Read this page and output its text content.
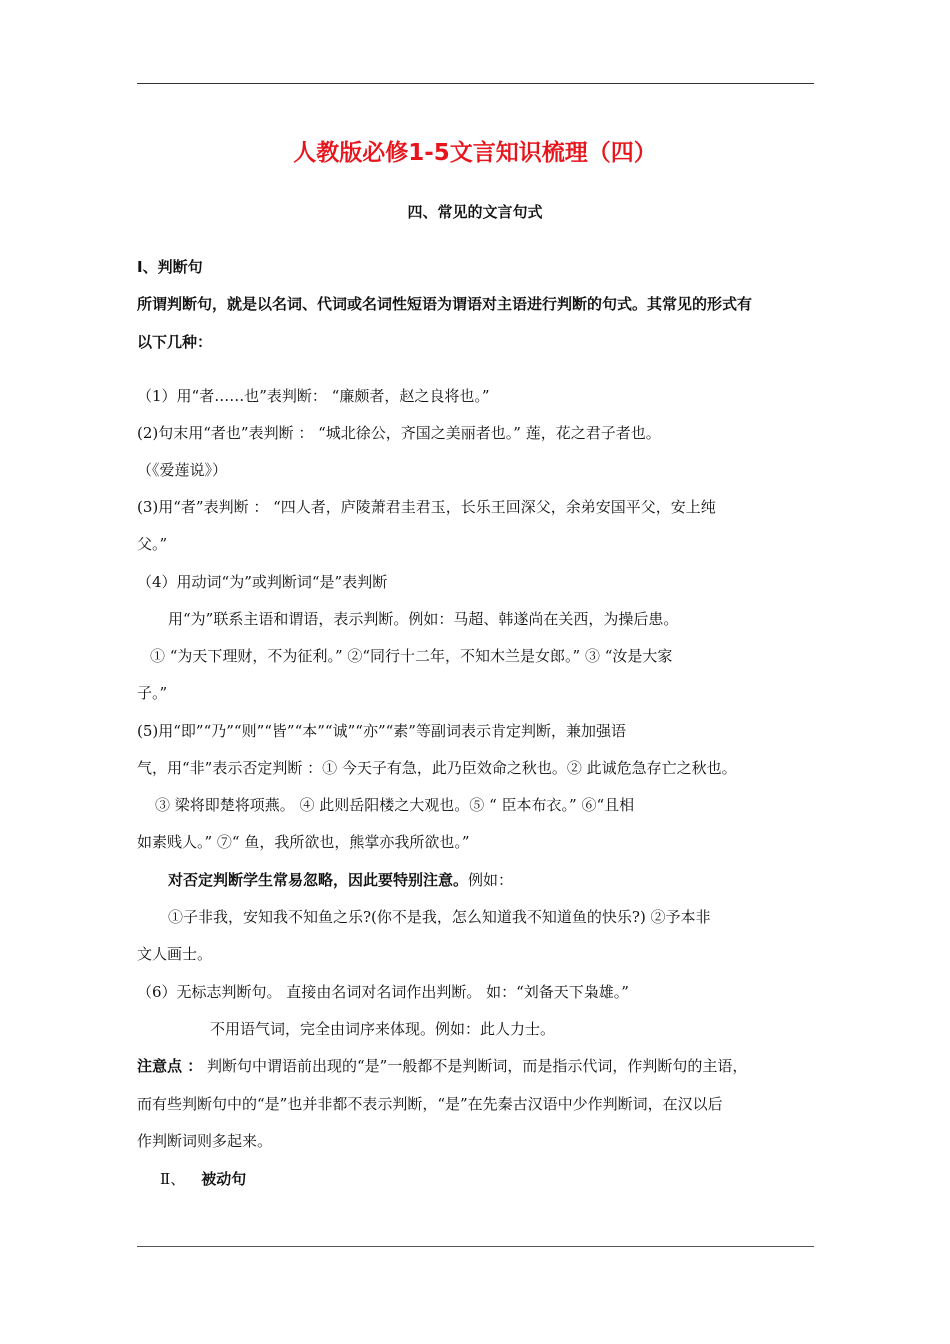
人教版必修1-5文言知识梳理（四）
四、常见的文言句式
Ⅰ、判断句
所谓判断句，就是以名词、代词或名词性短语为谓语对主语进行判断的句式。其常见的形式有
以下几种：
（1）用“者……也”表判断： “廉颇者，赵之良将也。”
(2)句末用“者也”表判断 ： “城北徐公，齐国之美丽者也。” 莲，花之君子者也。
（《爱莲说》）
(3)用“者”表判断 ： “四人者，庐陵萧君圭君玉，长乐王回深父，余弟安国平父，安上纯
父。”
（4）用动词“为”或判断词“是”表判断
用“为”联系主语和谓语，表示判断。例如：马超、韩遂尚在关西，为操后患。
① “为天下理财，不为征利。” ②“同行十二年，不知木兰是女郎。” ③ “汝是大家
子。”
(5)用“即”“乃”“则”“皆”“本”“诚”“亦”“素”等副词表示肯定判断，兼加强语
气，用“非”表示否定判断 ：① 今天子有急，此乃臣效命之秋也。② 此诚危急存亡之秋也。
③ 梁将即楚将项燕。 ④ 此则岳阳楼之大观也。⑤ “ 臣本布衣。” ⑥“且相
如素贱人。” ⑦“ 鱼，我所欲也，熊掌亦我所欲也。”
对否定判断学生常易忽略，因此要特别注意。例如：
①子非我，安知我不知鱼之乐?(你不是我，怎么知道我不知道鱼的快乐?) ②予本非
文人画士。
（6）无标志判断句。 直接由名词对名词作出判断。 如：“刘备天下枭雄。”
不用语气词，完全由词序来体现。例如：此人力士。
注意点 ： 判断句中谓语前出现的“是”一般都不是判断词，而是指示代词，作判断句的主语，
而有些判断句中的“是”也并非都不表示判断，“是”在先秦古汉语中少作判断词，在汉以后
作判断词则多起来。
Ⅱ、 被动句
